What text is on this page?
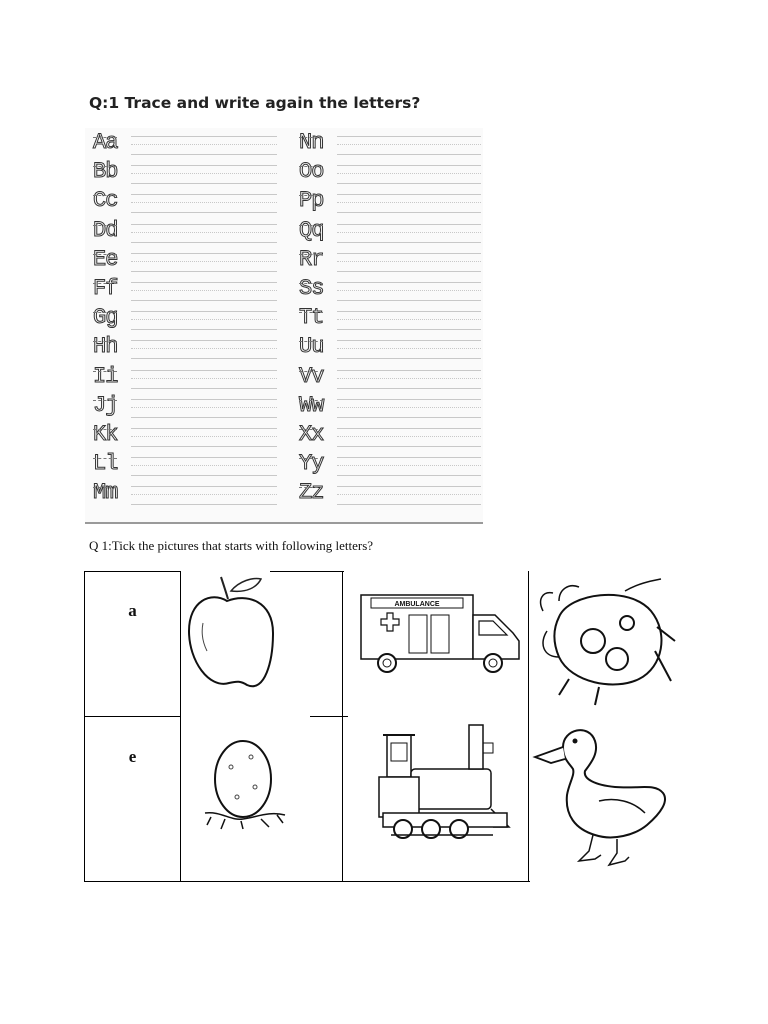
Q:1 Trace and write again the letters?
Aa
Bb
Cc
Dd
Ee
Ff
Gg
Hh
Ii
Jj
Kk
Ll
Mm
Nn
Oo
Pp
Qq
Rr
Ss
Tt
Uu
Vv
Ww
Xx
Yy
Zz

Q 1:Tick the pictures that starts with following letters?

a	AMBULANCE
e
